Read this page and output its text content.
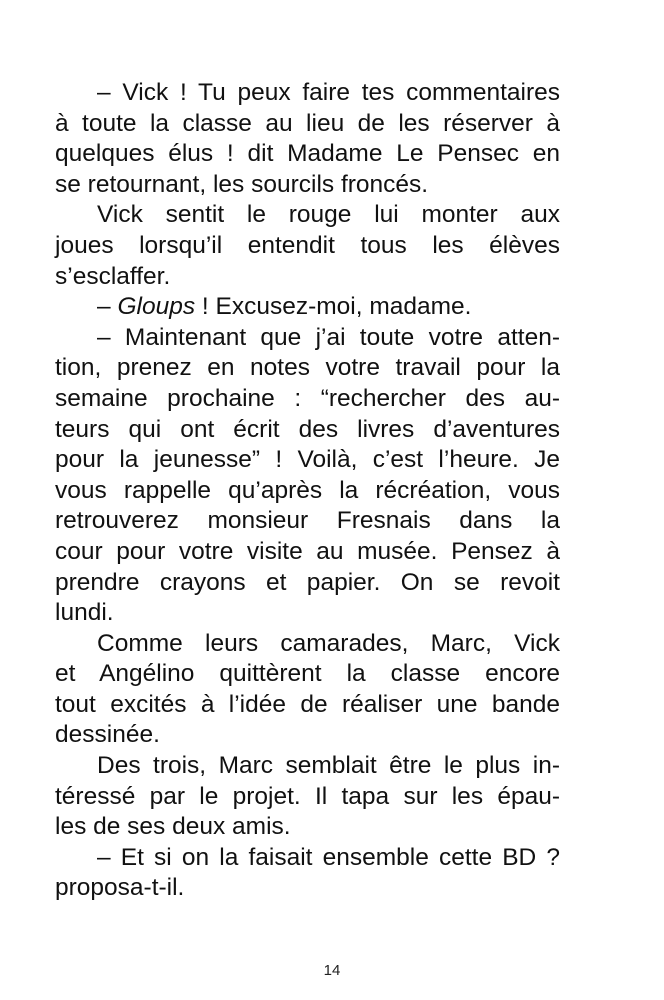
– Vick ! Tu peux faire tes commentaires
à toute la classe au lieu de les réserver à
quelques élus ! dit Madame Le Pensec en
se retournant, les sourcils froncés.
Vick sentit le rouge lui monter aux
joues lorsqu’il entendit tous les élèves
s’esclaffer.
– Gloups ! Excusez-moi, madame.
– Maintenant que j’ai toute votre atten-
tion, prenez en notes votre travail pour la
semaine prochaine : “rechercher des au-
teurs qui ont écrit des livres d’aventures
pour la jeunesse” ! Voilà, c’est l’heure. Je
vous rappelle qu’après la récréation, vous
retrouverez monsieur Fresnais dans la
cour pour votre visite au musée. Pensez à
prendre crayons et papier. On se revoit
lundi.
Comme leurs camarades, Marc, Vick
et Angélino quittèrent la classe encore
tout excités à l’idée de réaliser une bande
dessinée.
Des trois, Marc semblait être le plus in-
téressé par le projet. Il tapa sur les épau-
les de ses deux amis.
– Et si on la faisait ensemble cette BD ?
proposa-t-il.
14
